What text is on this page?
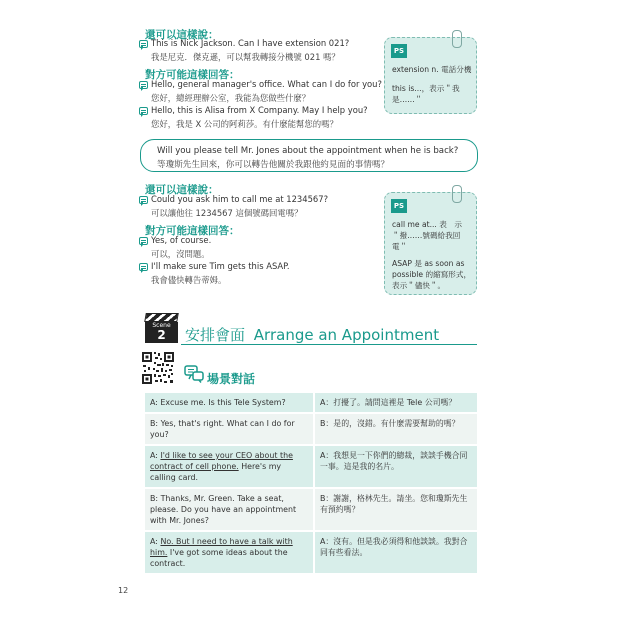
還可以這樣說：
This is Nick Jackson. Can I have extension 021?
我是尼克．傑克遜，可以幫我轉接分機號 021 嗎？
對方可能這樣回答：
Hello, general manager's office. What can I do for you?
您好，總經理辦公室，我能為您做些什麼？
Hello, this is Alisa from X Company. May I help you?
您好，我是 X 公司的阿莉莎。有什麼能幫您的嗎？
PS
extension n. 電話分機
this is...，表示＂我
是……＂
Will you please tell Mr. Jones about the appointment when he is back?
等瓊斯先生回來，你可以轉告他關於我跟他約見面的事情嗎？
還可以這樣說：
Could you ask him to call me at 1234567?
可以讓他往 1234567 這個號碼回電嗎？
對方可能這樣回答：
Yes, of course.
可以，沒問題。
I'll make sure Tim gets this ASAP.
我會儘快轉告蒂姆。
PS
call me at... 表　示
＂撥……號碼給我回
電＂
ASAP 是 as soon as
possible 的縮寫形式，
表示＂儘快＂。
Scene
2	安排會面 Arrange an Appointment
場景對話
A: Excuse me. Is this Tele System?		A：打擾了。請問這裡是 Tele 公司嗎？
B: Yes, that's right. What can I do for you?		B：是的，沒錯。有什麼需要幫助的嗎？
A: I'd like to see your CEO about the contract of cell phone. Here's my calling card.		A：我想見一下你們的總裁，談談手機合同一事。這是我的名片。
B: Thanks, Mr. Green. Take a seat, please. Do you have an appointment with Mr. Jones?		B：謝謝，格林先生。請坐。您和瓊斯先生有預約嗎？
A: No. But I need to have a talk with him. I've got some ideas about the contract.		A：沒有。但是我必須得和他談談。我對合同有些看法。
12
